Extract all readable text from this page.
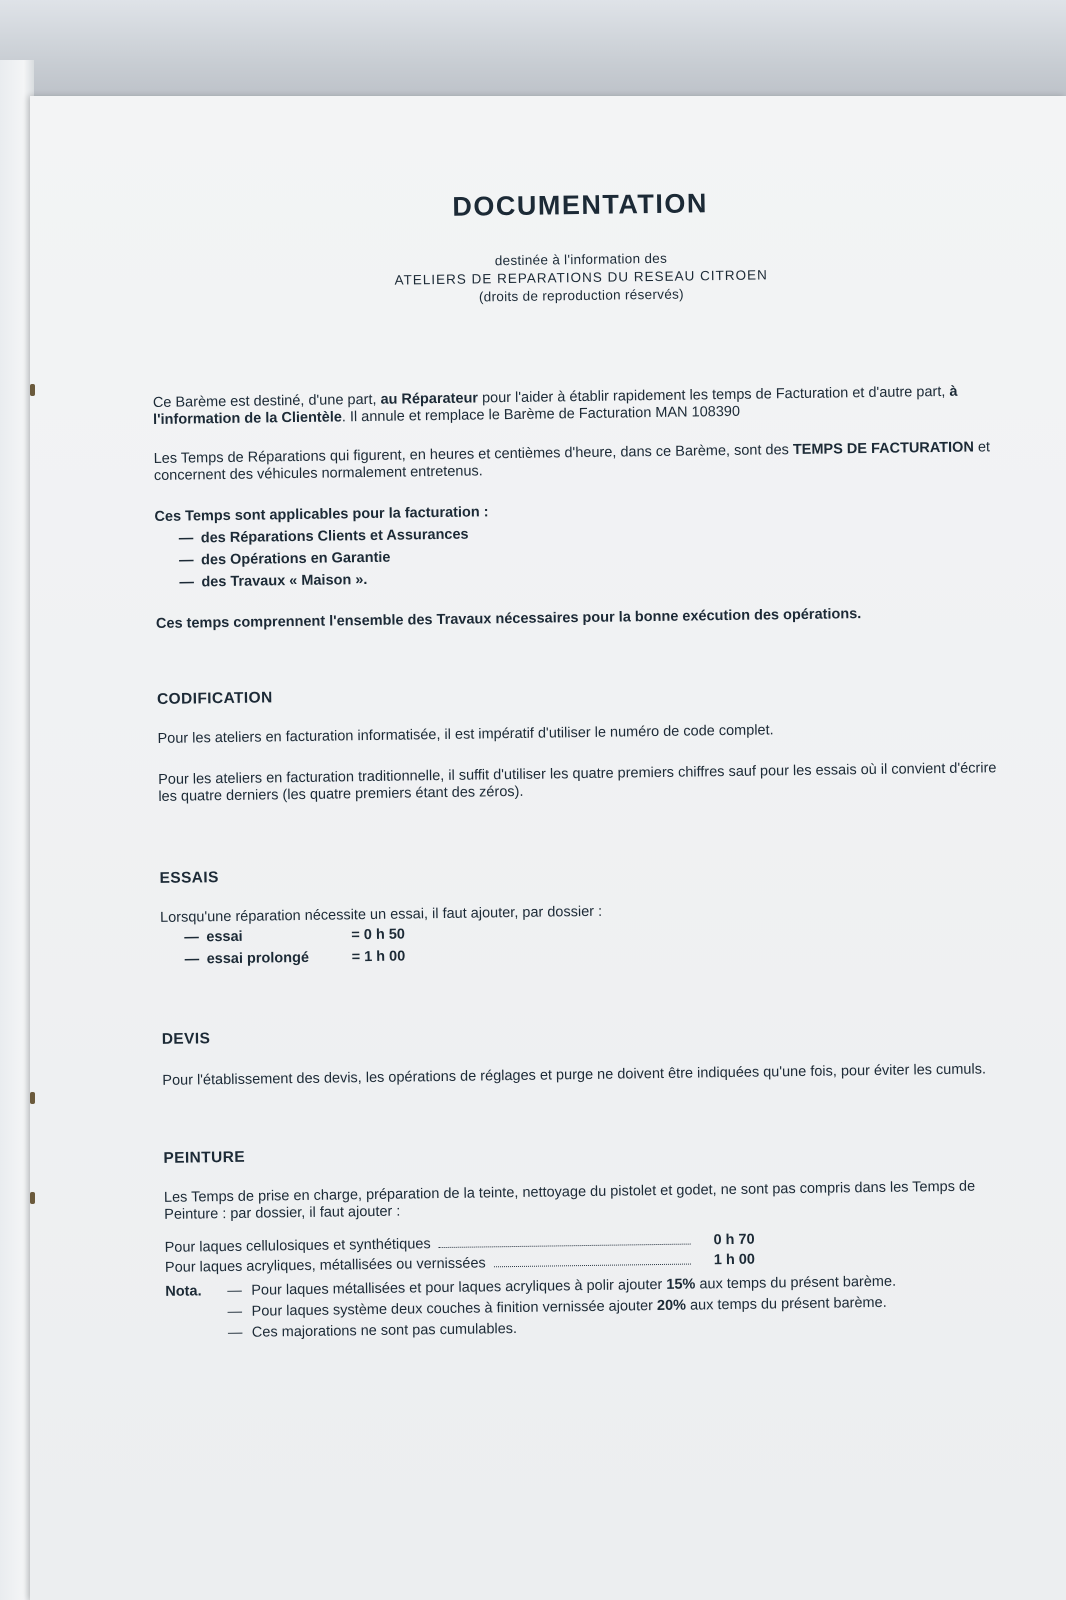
DOCUMENTATION
destinée à l'information des
ATELIERS DE REPARATIONS DU RESEAU CITROEN
(droits de reproduction réservés)

Ce Barème est destiné, d'une part, au Réparateur pour l'aider à établir rapidement les temps de Facturation et d'autre part, à l'information de la Clientèle. Il annule et remplace le Barème de Facturation MAN 108390

Les Temps de Réparations qui figurent, en heures et centièmes d'heure, dans ce Barème, sont des TEMPS DE FACTURATION et concernent des véhicules normalement entretenus.

Ces Temps sont applicables pour la facturation :

— des Réparations Clients et Assurances
— des Opérations en Garantie
— des Travaux « Maison ».

Ces temps comprennent l'ensemble des Travaux nécessaires pour la bonne exécution des opérations.

CODIFICATION

Pour les ateliers en facturation informatisée, il est impératif d'utiliser le numéro de code complet.

Pour les ateliers en facturation traditionnelle, il suffit d'utiliser les quatre premiers chiffres sauf pour les essais où il convient d'écrire les quatre derniers (les quatre premiers étant des zéros).

ESSAIS

Lorsqu'une réparation nécessite un essai, il faut ajouter, par dossier :

— essai	= 0 h 50
— essai prolongé	= 1 h 00
DEVIS

Pour l'établissement des devis, les opérations de réglages et purge ne doivent être indiquées qu'une fois, pour éviter les cumuls.

PEINTURE

Les Temps de prise en charge, préparation de la teinte, nettoyage du pistolet et godet, ne sont pas compris dans les Temps de Peinture : par dossier, il faut ajouter :

Pour laques cellulosiques et synthétiques	0 h 70
Pour laques acryliques, métallisées ou vernissées	1 h 00
Nota.	— Pour laques métallisées et pour laques acryliques à polir ajouter 15% aux temps du présent barème.
— Pour laques système deux couches à finition vernissée ajouter 20% aux temps du présent barème.
— Ces majorations ne sont pas cumulables.
